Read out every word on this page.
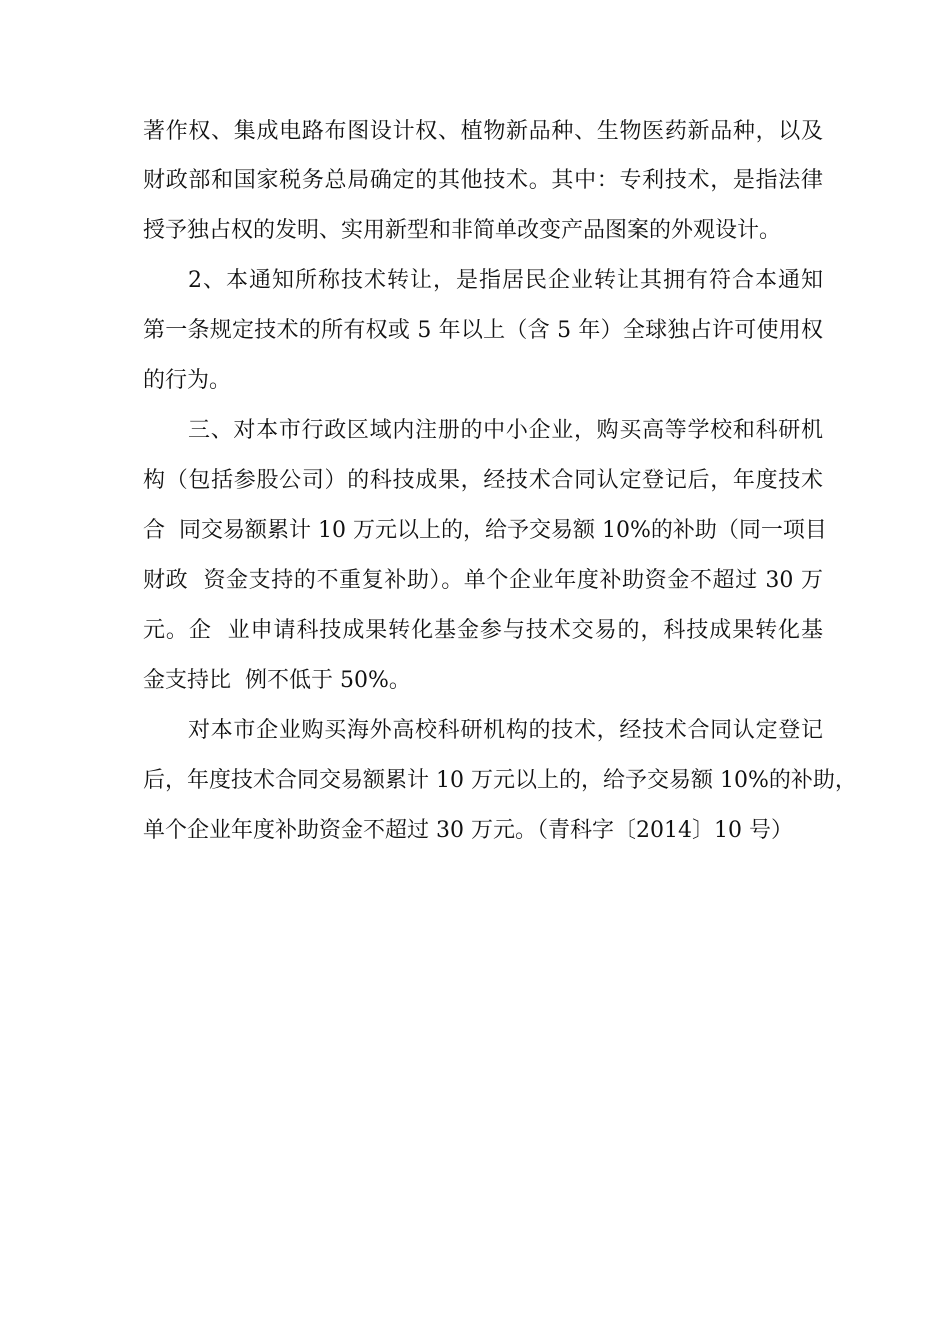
著作权、集成电路布图设计权、植物新品种、生物医药新品种，以及
财政部和国家税务总局确定的其他技术。其中：专利技术，是指法律
授予独占权的发明、实用新型和非简单改变产品图案的外观设计。
2、本通知所称技术转让，是指居民企业转让其拥有符合本通知
第一条规定技术的所有权或 5 年以上（含 5 年）全球独占许可使用权
的行为。
三、对本市行政区域内注册的中小企业，购买高等学校和科研机
构（包括参股公司）的科技成果，经技术合同认定登记后，年度技术
合  同交易额累计 10 万元以上的，给予交易额 10%的补助（同一项目
财政  资金支持的不重复补助）。单个企业年度补助资金不超过 30 万
元。企  业申请科技成果转化基金参与技术交易的，科技成果转化基
金支持比  例不低于 50%。
对本市企业购买海外高校科研机构的技术，经技术合同认定登记
后，年度技术合同交易额累计 10 万元以上的，给予交易额 10%的补助，
单个企业年度补助资金不超过 30 万元。（青科字〔2014〕10 号）
